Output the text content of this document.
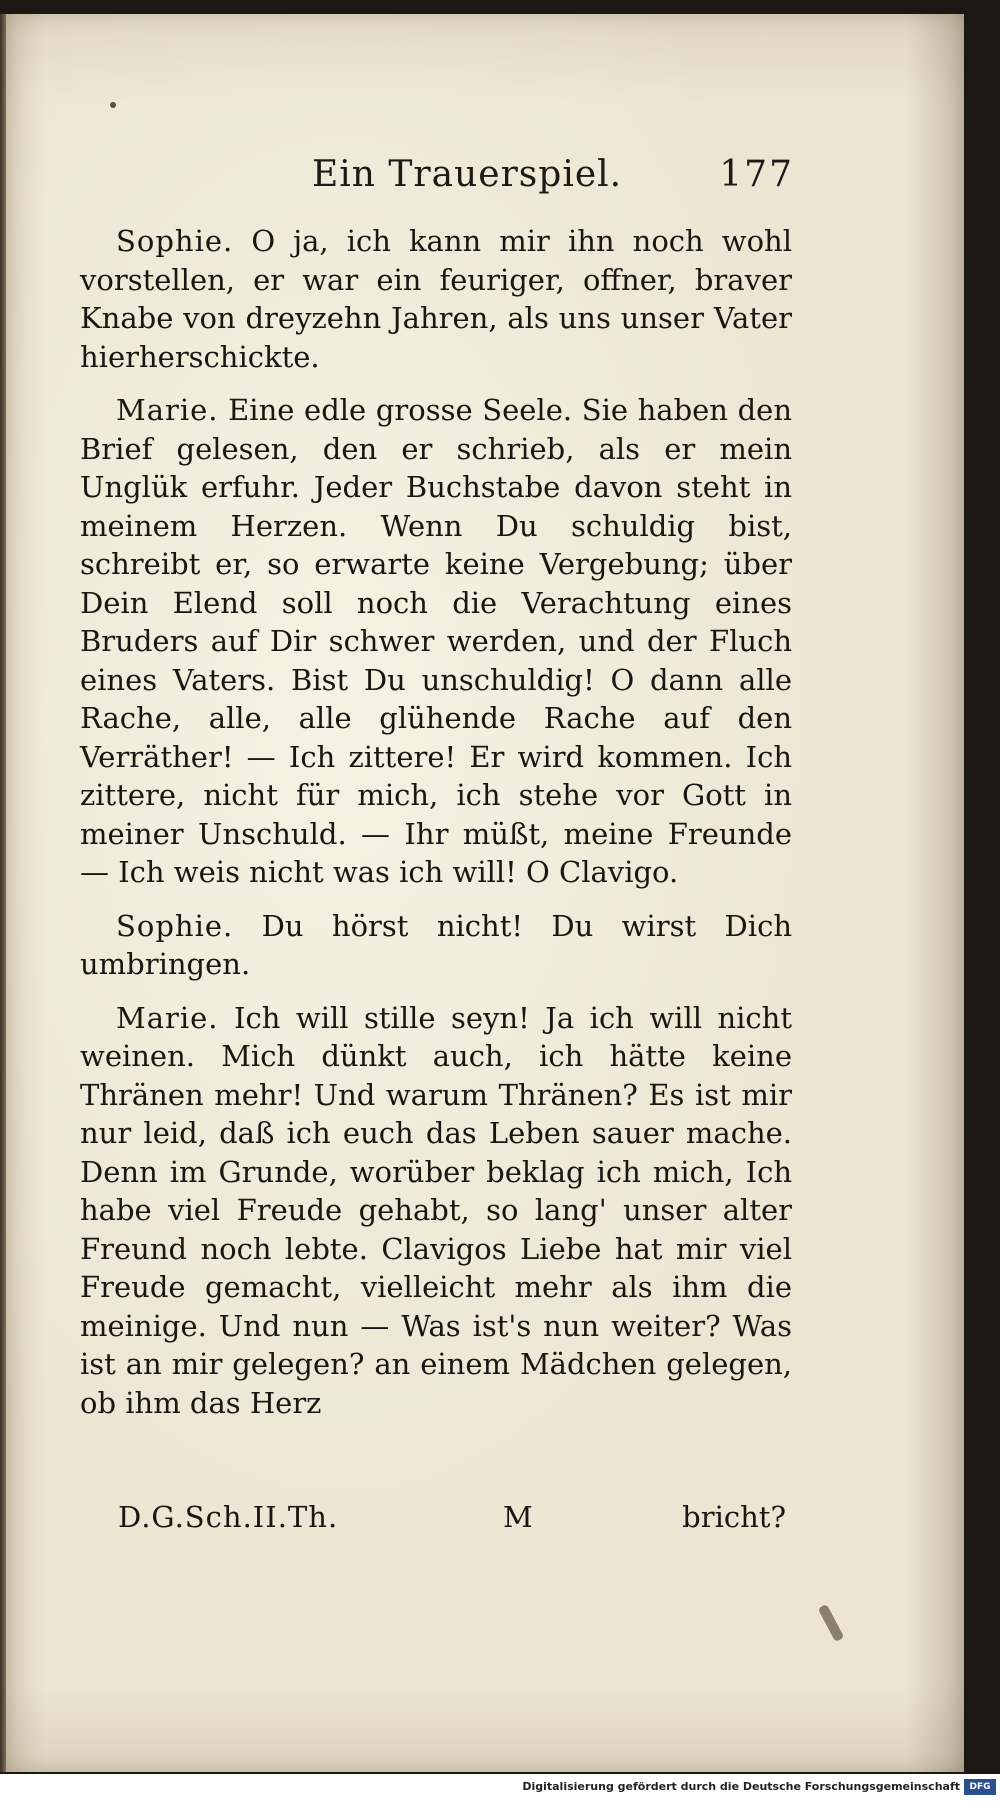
Ein Trauerspiel.	177

Sophie. O ja, ich kann mir ihn noch wohl vorstellen, er war ein feuriger, offner, braver Knabe von dreyzehn Jahren, als uns unser Vater hierherschickte.

Marie. Eine edle grosse Seele. Sie haben den Brief gelesen, den er schrieb, als er mein Unglük erfuhr. Jeder Buchstabe davon steht in meinem Herzen. Wenn Du schuldig bist, schreibt er, so erwarte keine Vergebung; über Dein Elend soll noch die Verachtung eines Bruders auf Dir schwer werden, und der Fluch eines Vaters. Bist Du unschuldig! O dann alle Rache, alle, alle glühende Rache auf den Verräther! — Ich zittere! Er wird kommen. Ich zittere, nicht für mich, ich stehe vor Gott in meiner Unschuld. — Ihr müßt, meine Freunde — Ich weis nicht was ich will! O Clavigo.

Sophie. Du hörst nicht! Du wirst Dich umbringen.

Marie. Ich will stille seyn! Ja ich will nicht weinen. Mich dünkt auch, ich hätte keine Thränen mehr! Und warum Thränen? Es ist mir nur leid, daß ich euch das Leben sauer mache. Denn im Grunde, worüber beklag ich mich, Ich habe viel Freude gehabt, so lang' unser alter Freund noch lebte. Clavigos Liebe hat mir viel Freude gemacht, vielleicht mehr als ihm die meinige. Und nun — Was ist's nun weiter? Was ist an mir gelegen? an einem Mädchen gelegen, ob ihm das Herz

D.G.Sch.II.Th.	M	bricht?
Digitalisierung gefördert durch die Deutsche Forschungsgemeinschaft	DFG
